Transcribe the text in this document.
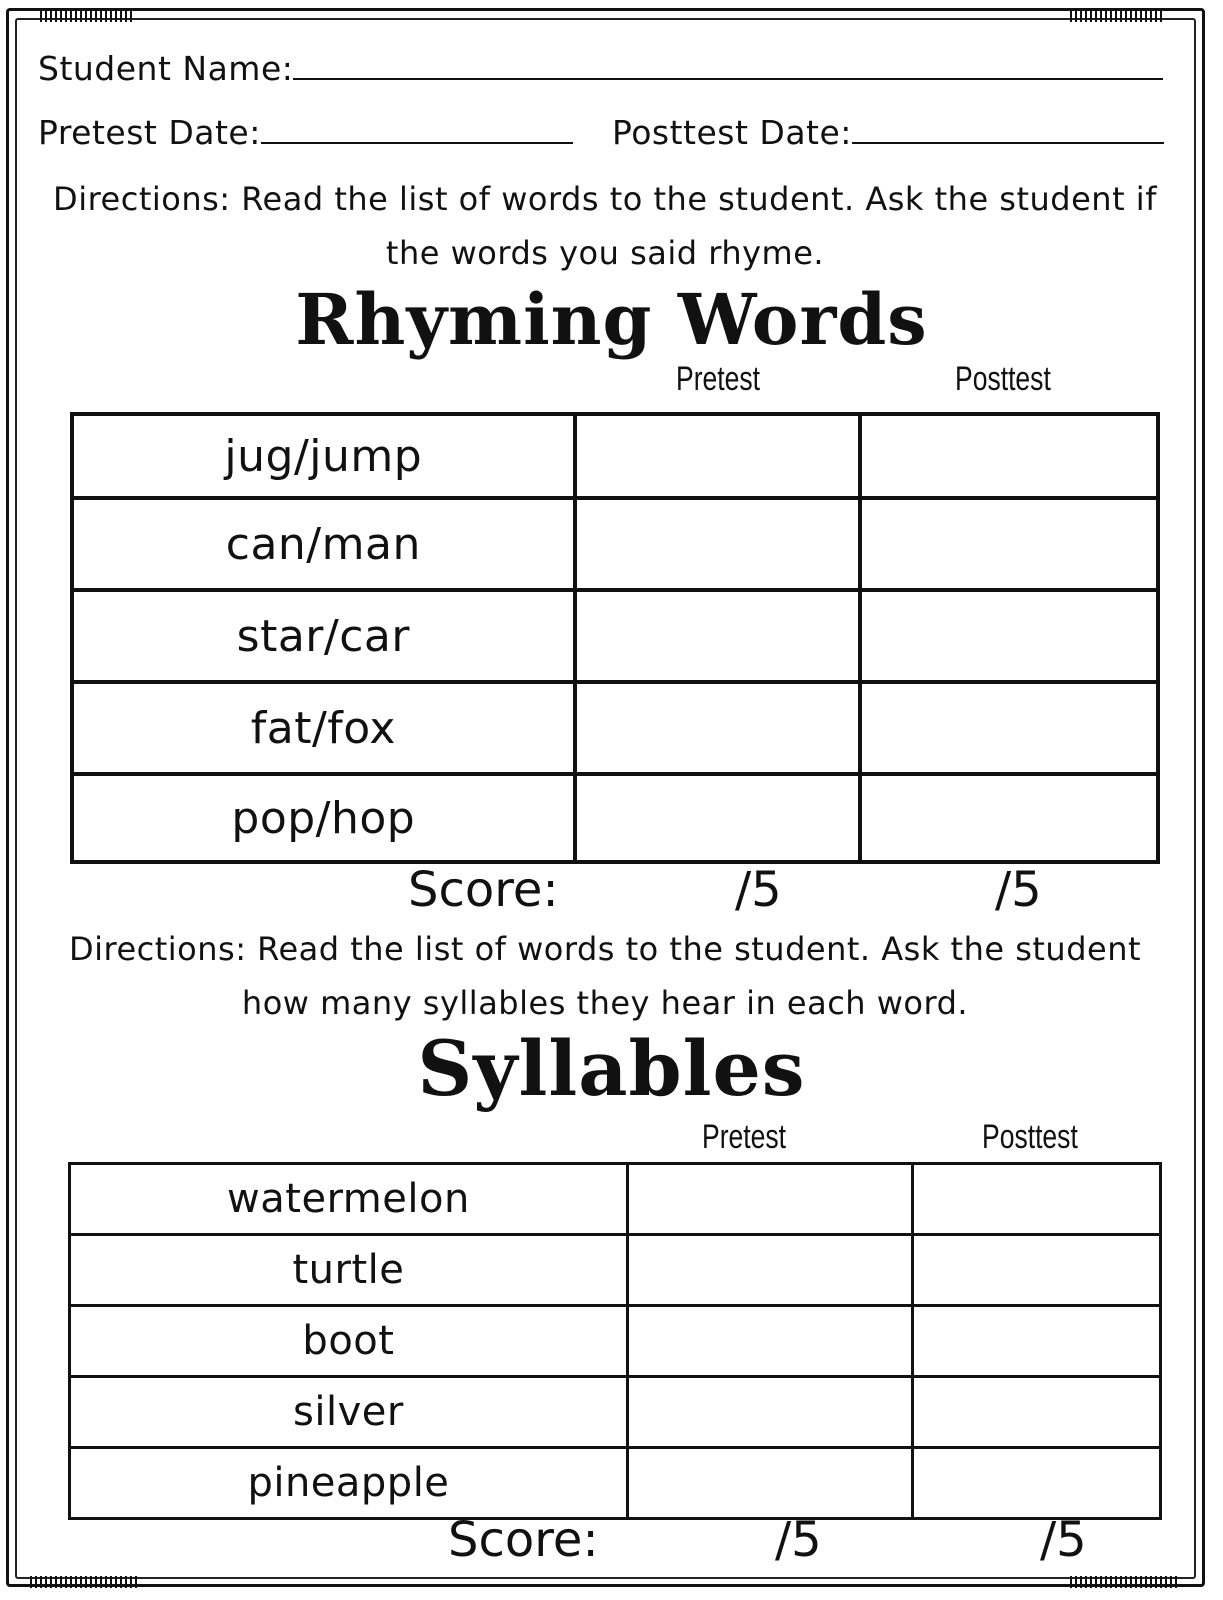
Student Name:
Pretest Date:	Posttest Date:
Directions: Read the list of words to the student. Ask the student if the words you said rhyme.
Rhyming Words
Pretest	Posttest
jug/jump		
can/man		
star/car		
fat/fox		
pop/hop		
Score:	/5	/5
Directions: Read the list of words to the student. Ask the student how many syllables they hear in each word.
Syllables
Pretest	Posttest
watermelon		
turtle		
boot		
silver		
pineapple		
Score:	/5	/5
